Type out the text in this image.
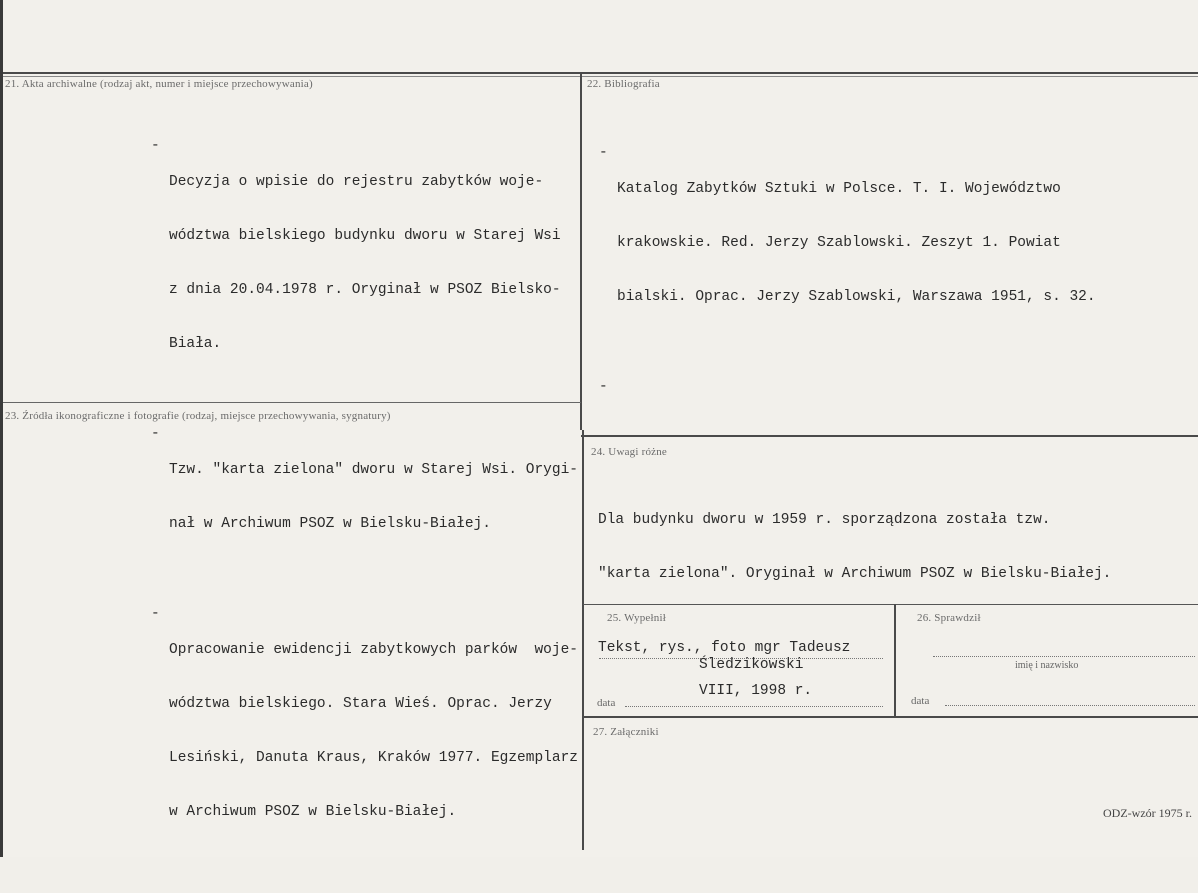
21. Akta archiwalne (rodzaj akt, numer i miejsce przechowywania)

-

Decyzja o wpisie do rejestru zabytków woje-

wództwa bielskiego budynku dworu w Starej Wsi

z dnia 20.04.1978 r. Oryginał w PSOZ Bielsko-

Biała.

-

Tzw. "karta zielona" dworu w Starej Wsi. Orygi-

nał w Archiwum PSOZ w Bielsku-Białej.

-

Opracowanie ewidencji zabytkowych parków  woje-

wództwa bielskiego. Stara Wieś. Oprac. Jerzy

Lesiński, Danuta Kraus, Kraków 1977. Egzemplarz

w Archiwum PSOZ w Bielsku-Białej.

22. Bibliografia

-

Katalog Zabytków Sztuki w Polsce. T. I. Województwo

krakowskie. Red. Jerzy Szablowski. Zeszyt 1. Powiat

bialski. Oprac. Jerzy Szablowski, Warszawa 1951, s. 32.

-

23. Źródła ikonograficzne i fotografie (rodzaj, miejsce przechowywania, sygnatury)
24. Uwagi różne

Dla budynku dworu w 1959 r. sporządzona została tzw.

"karta zielona". Oryginał w Archiwum PSOZ w Bielsku-Białej.

25. Wypełnił
Tekst, rys., foto mgr Tadeusz
Śledzikowski
VIII, 1998 r.
data
26. Sprawdził
imię i nazwisko
data
27. Załączniki
ODZ-wzór 1975 r.
